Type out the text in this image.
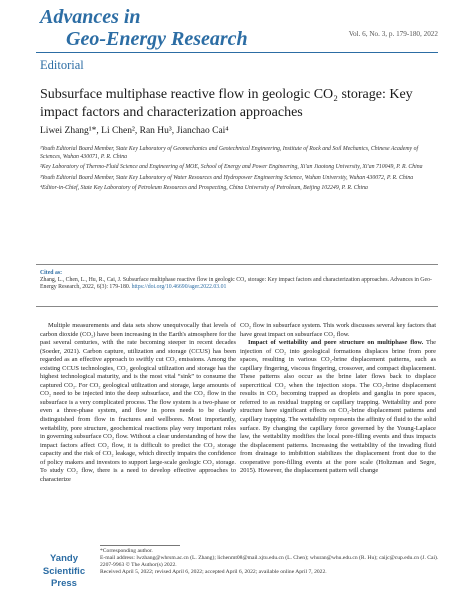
Advances in
Geo-Energy Research	Vol. 6, No. 3, p. 179-180, 2022
Editorial
Subsurface multiphase reactive flow in geologic CO₂ storage: Key impact factors and characterization approaches
Liwei Zhang¹*, Li Chen², Ran Hu³, Jianchao Cai⁴
¹Youth Editorial Board Member, State Key Laboratory of Geomechanics and Geotechnical Engineering, Institute of Rock and Soil Mechanics, Chinese Academy of Sciences, Wuhan 430071, P. R. China
²Key Laboratory of Thermo-Fluid Science and Engineering of MOE, School of Energy and Power Engineering, Xi'an Jiaotong University, Xi'an 710049, P. R. China
³Youth Editorial Board Member, State Key Laboratory of Water Resources and Hydropower Engineering Science, Wuhan University, Wuhan 430072, P. R. China
⁴Editor-in-Chief, State Key Laboratory of Petroleum Resources and Prospecting, China University of Petroleum, Beijing 102249, P. R. China
Cited as:
Zhang, L., Chen, L., Hu, R., Cai, J. Subsurface multiphase reactive flow in geologic CO₂ storage: Key impact factors and characterization approaches. Advances in Geo-Energy Research, 2022, 6(3): 179-180. https://doi.org/10.46690/ager.2022.03.01

Multiple measurements and data sets show unequivocally that levels of carbon dioxide (CO₂) have been increasing in the Earth's atmosphere for the past several centuries, with the rate becoming steeper in recent decades (Soeder, 2021). Carbon capture, utilization and storage (CCUS) has been regarded as an effective approach to swiftly cut CO₂ emissions. Among the existing CCUS technologies, CO₂ geological utilization and storage has the highest technological maturity, and is the most vital “sink” to consume the captured CO₂. For CO₂ geological utilization and storage, large amounts of CO₂ need to be injected into the deep subsurface, and the CO₂ flow in the subsurface is a very complicated process. The flow system is a two-phase or even a three-phase system, and flow in pores needs to be clearly distinguished from flow in fractures and wellbores. Most importantly, wettability, pore structure, geochemical reactions play very important roles in governing subsurface CO₂ flow. Without a clear understanding of how the impact factors affect CO₂ flow, it is difficult to predict the CO₂ storage capacity and the risk of CO₂ leakage, which directly impairs the confidence of policy makers and investors to support large-scale geologic CO₂ storage. To study CO₂ flow, there is a need to develop effective approaches to characterize

CO₂ flow in subsurface system. This work discusses several key factors that have great impact on subsurface CO₂ flow.

Impact of wettability and pore structure on multiphase flow. The injection of CO₂ into geological formations displaces brine from pore spaces, resulting in various CO₂-brine displacement patterns, such as capillary fingering, viscous fingering, crossover, and compact displacement. These patterns also occur as the brine later flows back to displace supercritical CO₂ when the injection stops. The CO₂-brine displacement results in CO₂ becoming trapped as droplets and ganglia in pore spaces, referred to as residual trapping or capillary trapping. Wettability and pore structure have significant effects on CO₂-brine displacement patterns and capillary trapping. The wettability represents the affinity of fluid to the solid surface. By changing the capillary force governed by the Young-Laplace law, the wettability modifies the local pore-filling events and thus impacts the displacement patterns. Increasing the wettability of the invading fluid from drainage to imbibition stabilizes the displacement front due to the cooperative pore-filling events at the pore scale (Holtzman and Segre, 2015). However, the displacement pattern will change

Yandy
Scientific
Press
*Corresponding author.
E-mail address: lwzhang@whrsm.ac.cn (L. Zhang); lichenmt08@mail.xjtu.edu.cn (L. Chen); whuran@whu.edu.cn (R. Hu); caijc@cup.edu.cn (J. Cai).
2207-9963 © The Author(s) 2022.
Received April 5, 2022; revised April 6, 2022; accepted April 6, 2022; available online April 7, 2022.
